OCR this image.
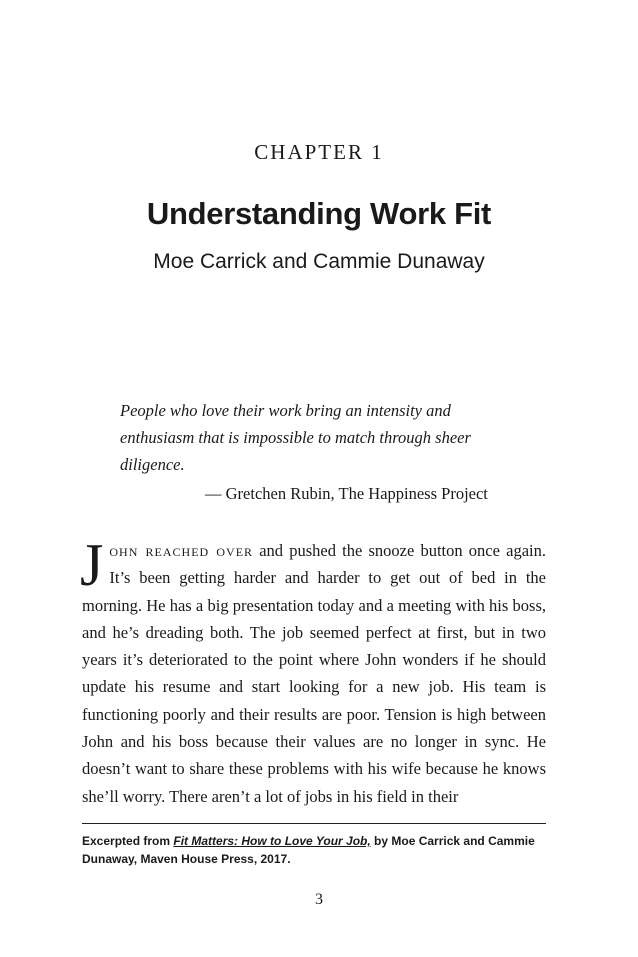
CHAPTER 1
Understanding Work Fit
Moe Carrick and Cammie Dunaway
People who love their work bring an intensity and enthusiasm that is impossible to match through sheer diligence.
— Gretchen Rubin, The Happiness Project

John reached over and pushed the snooze button once again. It’s been getting harder and harder to get out of bed in the morning. He has a big presentation today and a meeting with his boss, and he’s dreading both. The job seemed perfect at first, but in two years it’s deteriorated to the point where John wonders if he should update his resume and start looking for a new job. His team is functioning poorly and their results are poor. Tension is high between John and his boss because their values are no longer in sync. He doesn’t want to share these problems with his wife because he knows she’ll worry. There aren’t a lot of jobs in his field in their

Excerpted from Fit Matters: How to Love Your Job, by Moe Carrick and Cammie Dunaway, Maven House Press, 2017.
3
